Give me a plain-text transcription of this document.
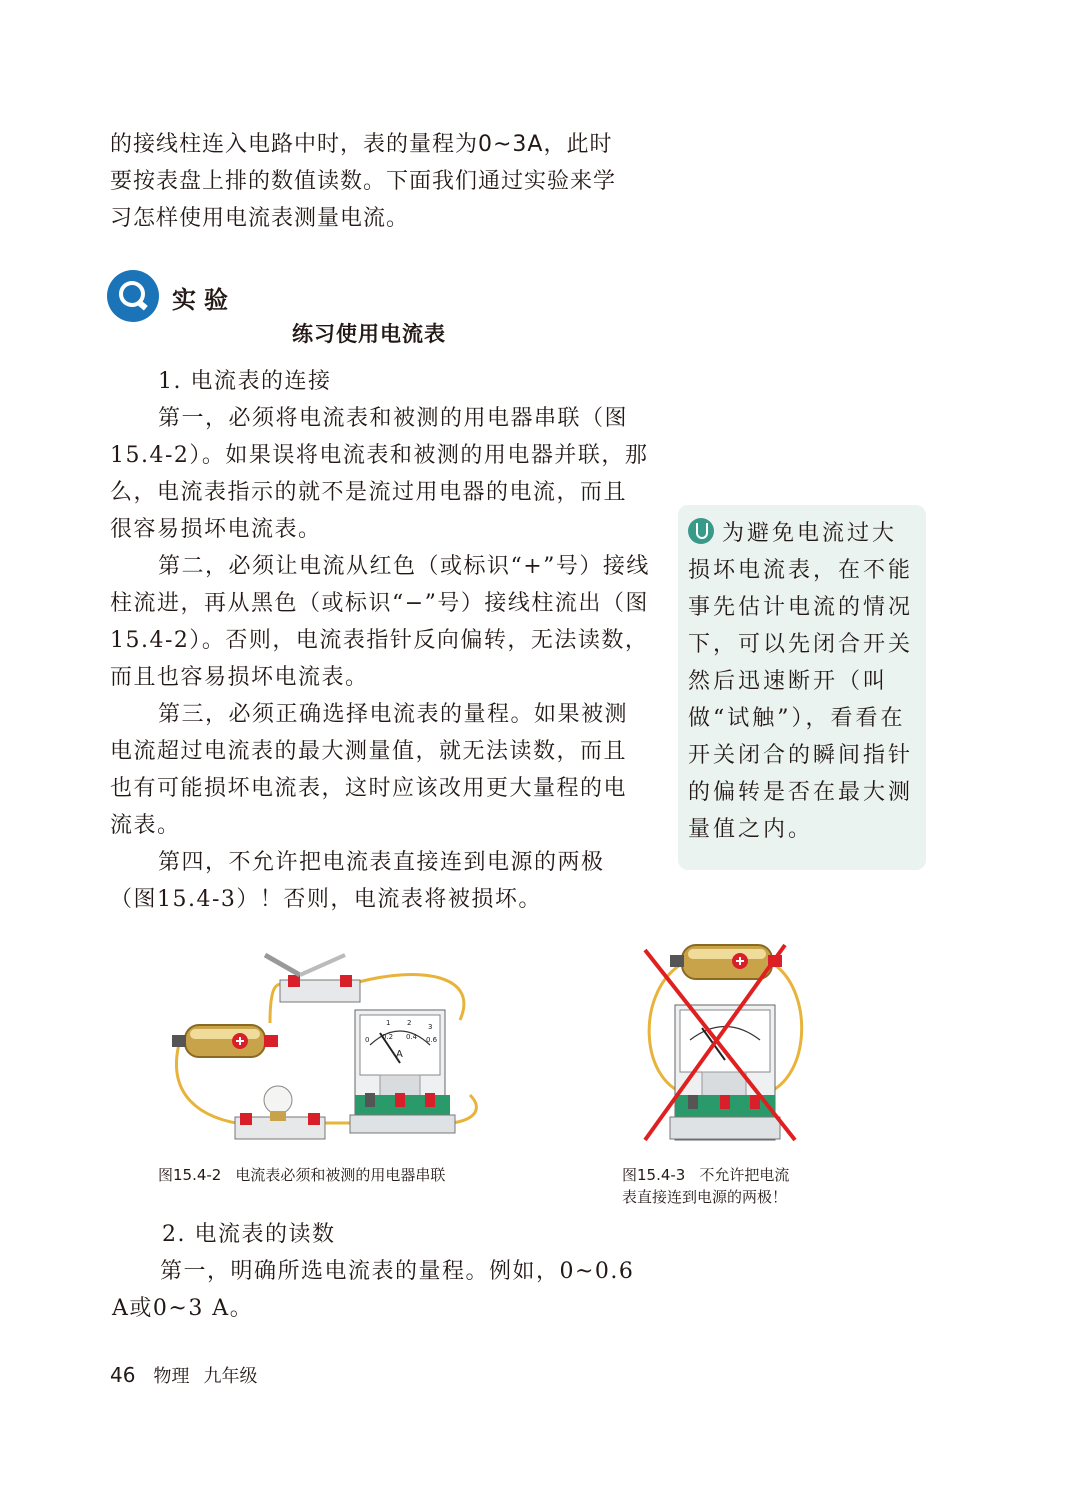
的接线柱连入电路中时，表的量程为0~3A，此时

要按表盘上排的数值读数。下面我们通过实验来学

习怎样使用电流表测量电流。

实验
练习使用电流表

1. 电流表的连接

第一，必须将电流表和被测的用电器串联（图15.4-2）。如果误将电流表和被测的用电器并联，那么，电流表指示的就不是流过用电器的电流，而且很容易损坏电流表。

第二，必须让电流从红色（或标识“+”号）接线柱流进，再从黑色（或标识“−”号）接线柱流出（图15.4-2）。否则，电流表指针反向偏转，无法读数，而且也容易损坏电流表。

第三，必须正确选择电流表的量程。如果被测电流超过电流表的最大测量值，就无法读数，而且也有可能损坏电流表，这时应该改用更大量程的电流表。

第四，不允许把电流表直接连到电源的两极（图15.4-3）！否则，电流表将被损坏。

为避免电流过大损坏电流表，在不能事先估计电流的情况下，可以先闭合开关然后迅速断开（叫做“试触”），看看在开关闭合的瞬间指针的偏转是否在最大测量值之内。

A
0 0.2 0.4 0.6
1 2 3

图15.4-2 电流表必须和被测的用电器串联	图15.4-3 不允许把电流

表直接连到电源的两极！

2. 电流表的读数

第一，明确所选电流表的量程。例如，0~0.6 A或0~3 A。

46 物理 九年级
